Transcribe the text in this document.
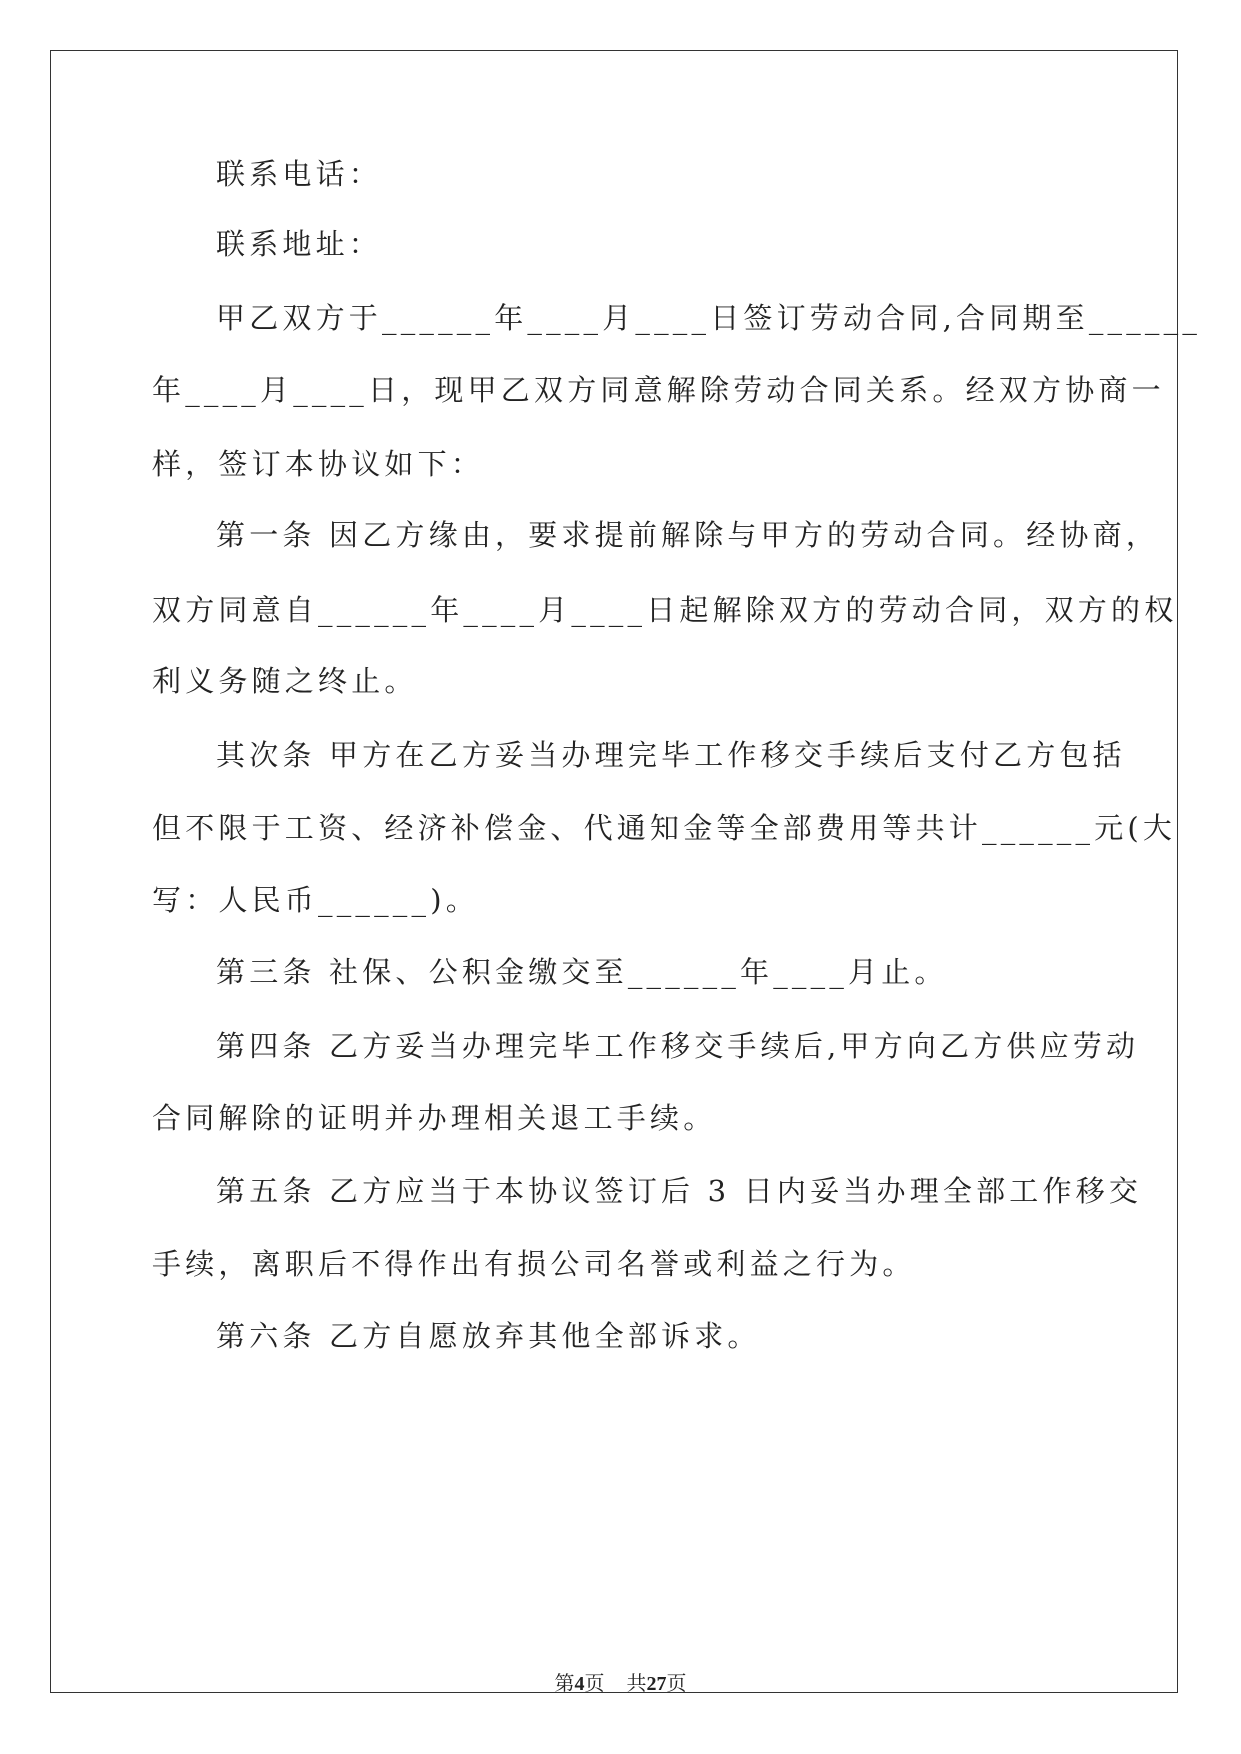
联系电话：
联系地址：
甲乙双方于______年____月____日签订劳动合同,合同期至______
年____月____日，现甲乙双方同意解除劳动合同关系。经双方协商一
样，签订本协议如下：
第一条 因乙方缘由，要求提前解除与甲方的劳动合同。经协商，
双方同意自______年____月____日起解除双方的劳动合同，双方的权
利义务随之终止。
其次条 甲方在乙方妥当办理完毕工作移交手续后支付乙方包括
但不限于工资、经济补偿金、代通知金等全部费用等共计______元(大
写：人民币______)。
第三条 社保、公积金缴交至______年____月止。
第四条 乙方妥当办理完毕工作移交手续后,甲方向乙方供应劳动
合同解除的证明并办理相关退工手续。
第五条 乙方应当于本协议签订后 3 日内妥当办理全部工作移交
手续，离职后不得作出有损公司名誉或利益之行为。
第六条 乙方自愿放弃其他全部诉求。
第4页 共27页
